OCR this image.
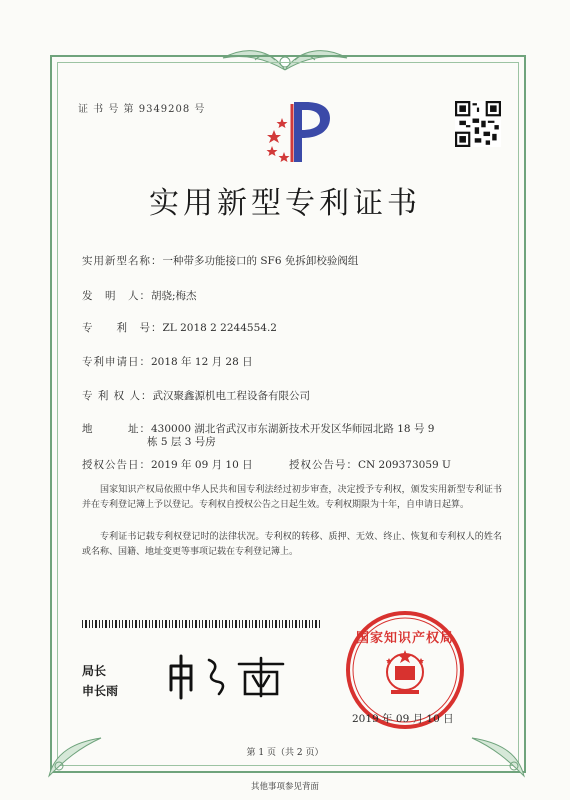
证 书 号 第 9349208 号
实用新型专利证书
实用新型名称：一种带多功能接口的 SF6 免拆卸校验阀组
发　明　人：胡骁;梅杰
专　　利　号：ZL 2018 2 2244554.2
专利申请日：2018 年 12 月 28 日
专 利 权 人：武汉聚鑫源机电工程设备有限公司
地　　　址：430000 湖北省武汉市东湖新技术开发区华师园北路 18 号 9
栋 5 层 3 号房
授权公告日：2019 年 09 月 10 日	授权公告号：CN 209373059 U
国家知识产权局依照中华人民共和国专利法经过初步审查，决定授予专利权，颁发实用新型专利证书并在专利登记簿上予以登记。专利权自授权公告之日起生效。专利权期限为十年，自申请日起算。
专利证书记载专利权登记时的法律状况。专利权的转移、质押、无效、终止、恢复和专利权人的姓名或名称、国籍、地址变更等事项记载在专利登记簿上。
局长
申长雨
国家知识产权局
2019 年 09 月 10 日
第 1 页（共 2 页）
其他事项参见背面
